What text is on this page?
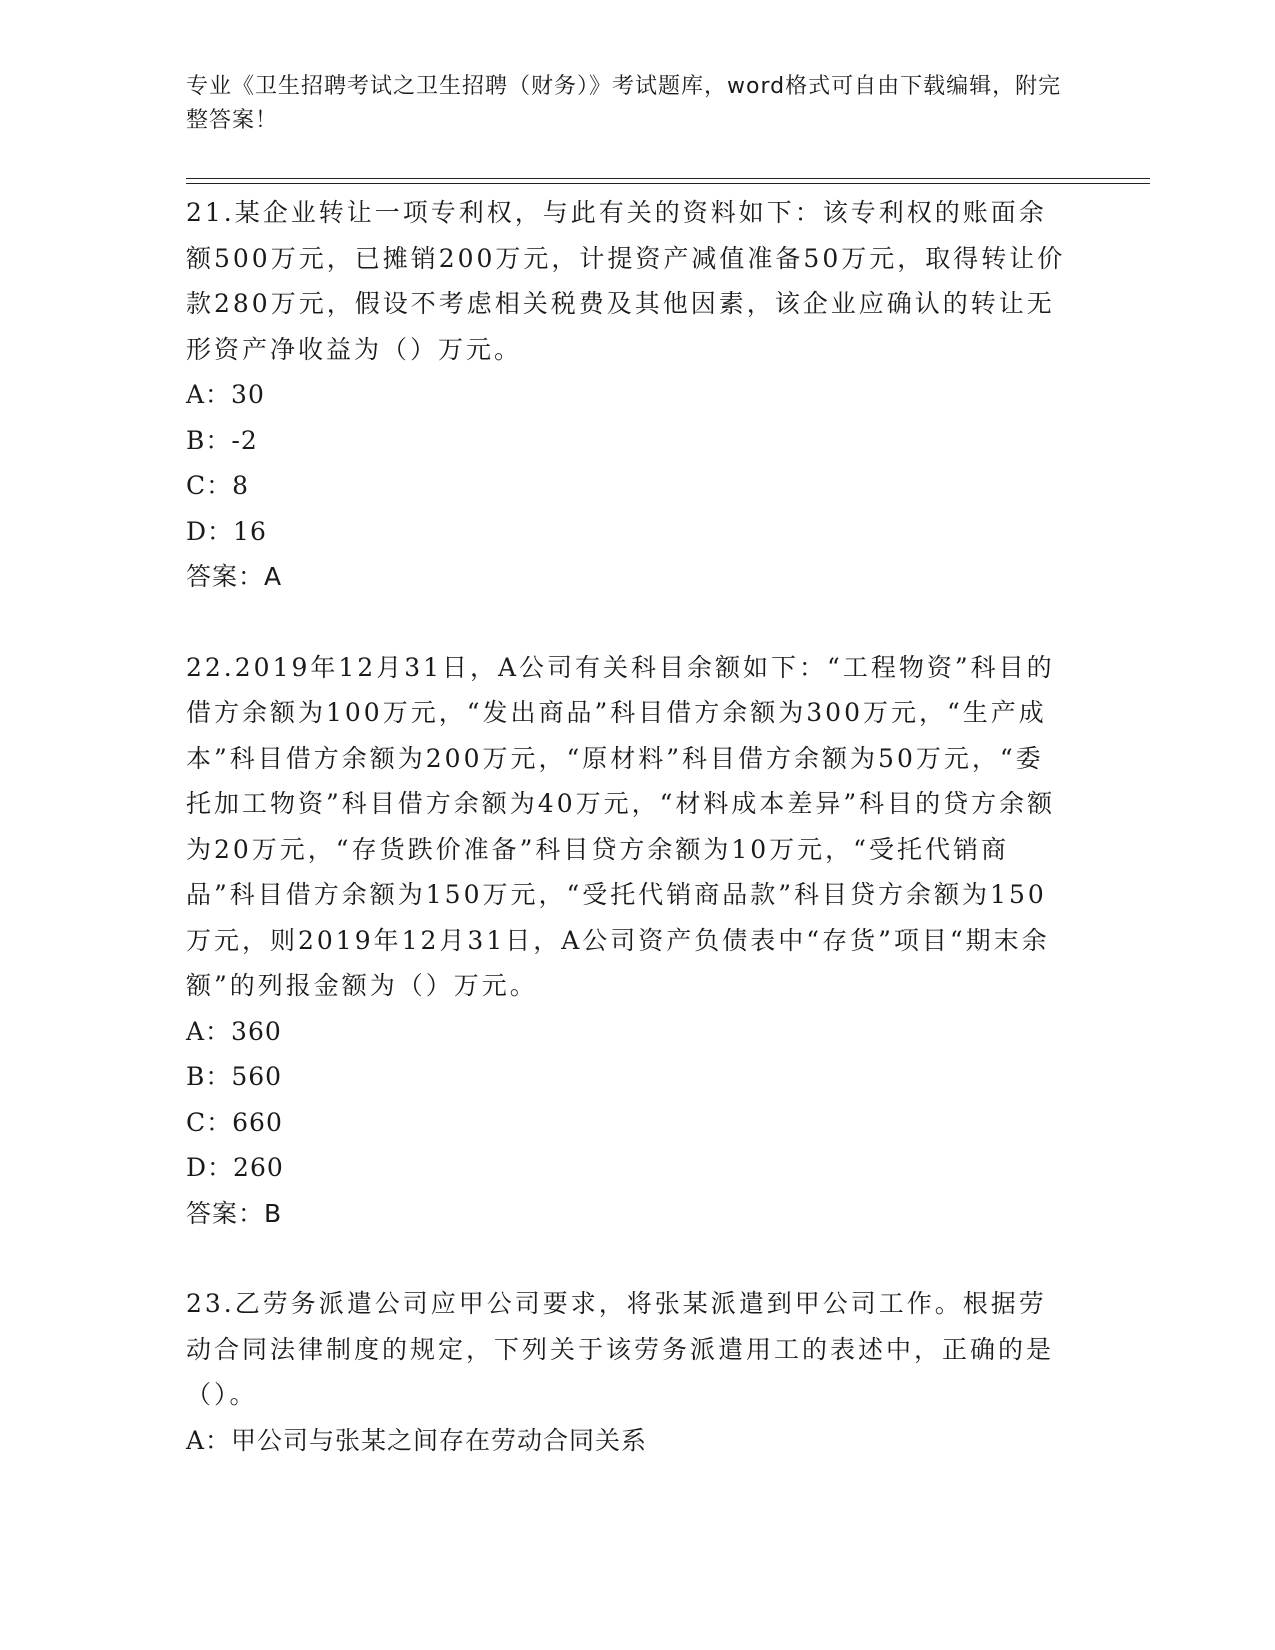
专业《卫生招聘考试之卫生招聘（财务）》考试题库，word格式可自由下载编辑，附完整答案！

21.某企业转让一项专利权，与此有关的资料如下：该专利权的账面余额500万元，已摊销200万元，计提资产减值准备50万元，取得转让价款280万元，假设不考虑相关税费及其他因素，该企业应确认的转让无形资产净收益为（）万元。

A：30
B：-2
C：8
D：16
答案：A

22.2019年12月31日，A公司有关科目余额如下：“工程物资”科目的借方余额为100万元，“发出商品”科目借方余额为300万元，“生产成本”科目借方余额为200万元，“原材料”科目借方余额为50万元，“委托加工物资”科目借方余额为40万元，“材料成本差异”科目的贷方余额为20万元，“存货跌价准备”科目贷方余额为10万元，“受托代销商品”科目借方余额为150万元，“受托代销商品款”科目贷方余额为150万元，则2019年12月31日，A公司资产负债表中“存货”项目“期末余额”的列报金额为（）万元。

A：360
B：560
C：660
D：260
答案：B

23.乙劳务派遣公司应甲公司要求，将张某派遣到甲公司工作。根据劳动合同法律制度的规定，下列关于该劳务派遣用工的表述中，正确的是（）。

A：甲公司与张某之间存在劳动合同关系
